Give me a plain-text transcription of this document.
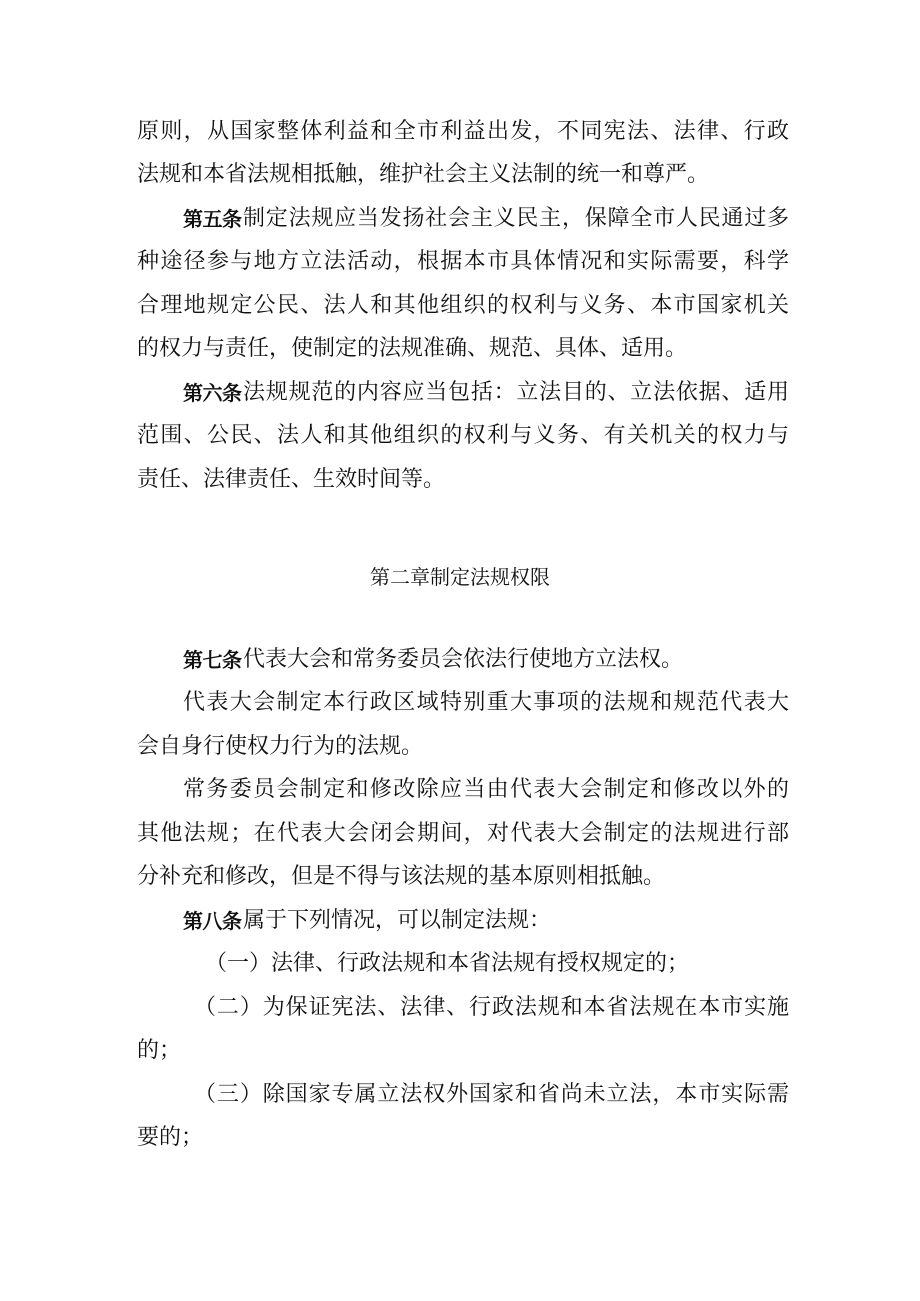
原则，从国家整体利益和全市利益出发，不同宪法、法律、行政
法规和本省法规相抵触，维护社会主义法制的统一和尊严。
第五条 制定法规应当发扬社会主义民主，保障全市人民通过多
种途径参与地方立法活动，根据本市具体情况和实际需要，科学
合理地规定公民、法人和其他组织的权利与义务、本市国家机关
的权力与责任，使制定的法规准确、规范、具体、适用。
第六条 法规规范的内容应当包括：立法目的、立法依据、适用
范围、公民、法人和其他组织的权利与义务、有关机关的权力与
责任、法律责任、生效时间等。
第二章制定法规权限
第七条 代表大会和常务委员会依法行使地方立法权。
代表大会制定本行政区域特别重大事项的法规和规范代表大
会自身行使权力行为的法规。
常务委员会制定和修改除应当由代表大会制定和修改以外的
其他法规；在代表大会闭会期间，对代表大会制定的法规进行部
分补充和修改，但是不得与该法规的基本原则相抵触。
第八条 属于下列情况，可以制定法规：
（一）法律、行政法规和本省法规有授权规定的；
（二）为保证宪法、法律、行政法规和本省法规在本市实施
的；
（三）除国家专属立法权外国家和省尚未立法，本市实际需
要的；
